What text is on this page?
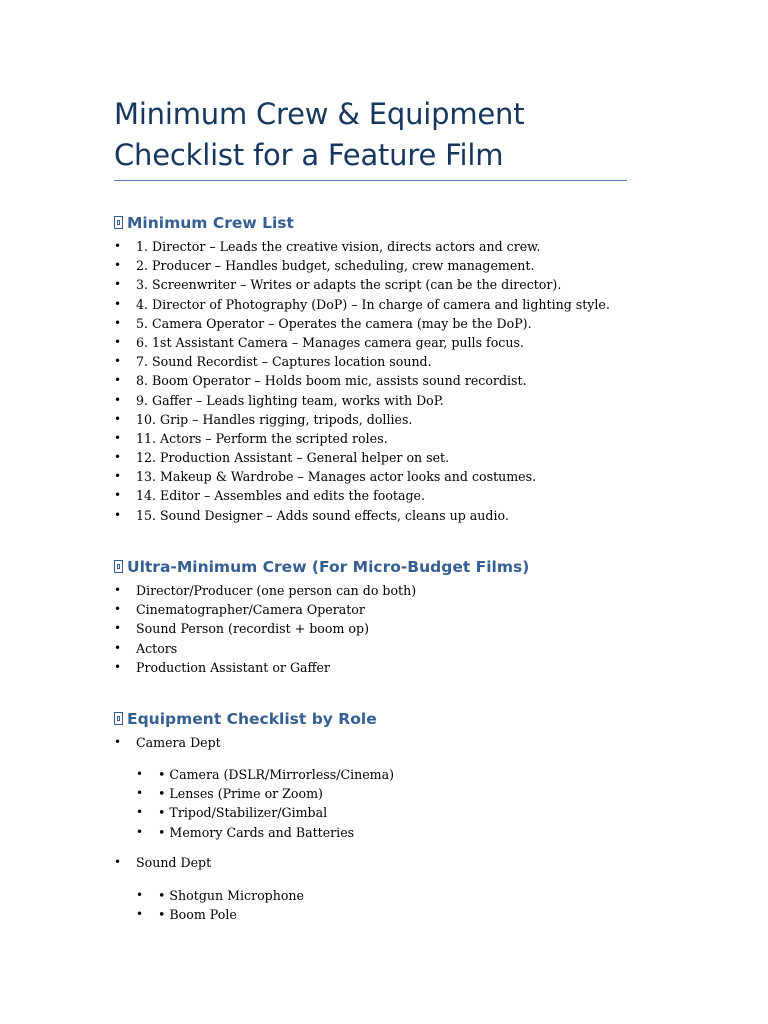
Minimum Crew & Equipment Checklist for a Feature Film
Minimum Crew List
• 1. Director – Leads the creative vision, directs actors and crew.
• 2. Producer – Handles budget, scheduling, crew management.
• 3. Screenwriter – Writes or adapts the script (can be the director).
• 4. Director of Photography (DoP) – In charge of camera and lighting style.
• 5. Camera Operator – Operates the camera (may be the DoP).
• 6. 1st Assistant Camera – Manages camera gear, pulls focus.
• 7. Sound Recordist – Captures location sound.
• 8. Boom Operator – Holds boom mic, assists sound recordist.
• 9. Gaffer – Leads lighting team, works with DoP.
• 10. Grip – Handles rigging, tripods, dollies.
• 11. Actors – Perform the scripted roles.
• 12. Production Assistant – General helper on set.
• 13. Makeup & Wardrobe – Manages actor looks and costumes.
• 14. Editor – Assembles and edits the footage.
• 15. Sound Designer – Adds sound effects, cleans up audio.
Ultra-Minimum Crew (For Micro-Budget Films)
• Director/Producer (one person can do both)
• Cinematographer/Camera Operator
• Sound Person (recordist + boom op)
• Actors
• Production Assistant or Gaffer
Equipment Checklist by Role
• Camera Dept
• • Camera (DSLR/Mirrorless/Cinema)
• • Lenses (Prime or Zoom)
• • Tripod/Stabilizer/Gimbal
• • Memory Cards and Batteries
• Sound Dept
• • Shotgun Microphone
• • Boom Pole
